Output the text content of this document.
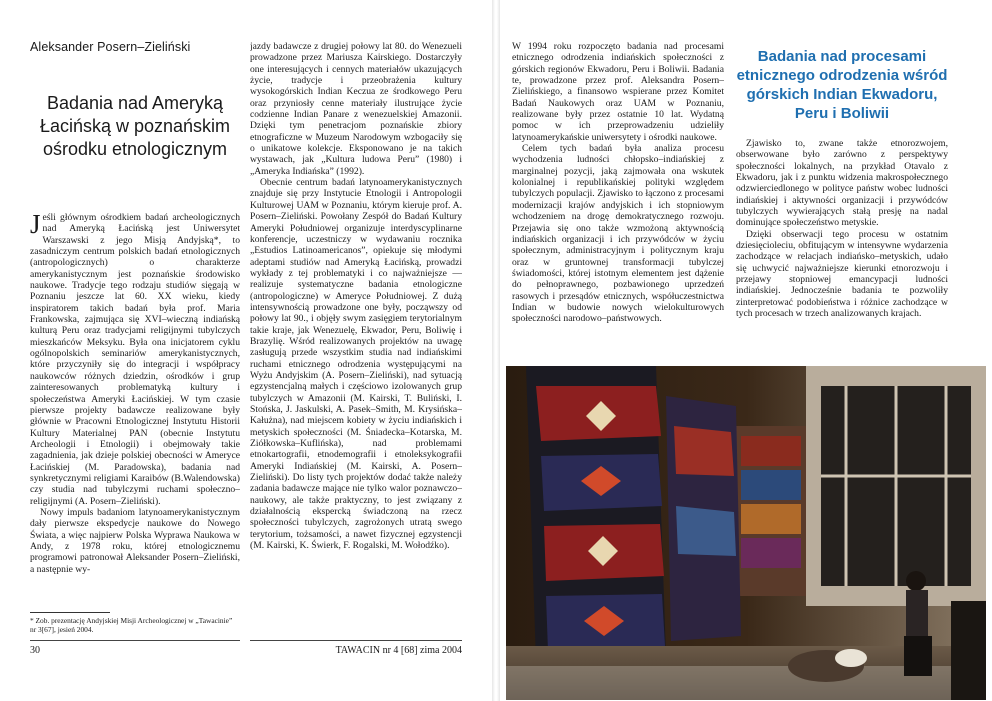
Aleksander Posern–Zieliński
Badania nad Ameryką Łacińską w poznańskim ośrodku etnologicznym

Jeśli głównym ośrodkiem badań archeologicznych nad Ameryką Łacińską jest Uniwersytet Warszawski z jego Misją Andyjską*, to zasadniczym centrum polskich badań etnologicznych (antropologicznych) o charakterze amerykanistycznym jest poznańskie środowisko naukowe. Tradycje tego rodzaju studiów sięgają w Poznaniu jeszcze lat 60. XX wieku, kiedy inspiratorem takich badań była prof. Maria Frankowska, zajmująca się XVI–wieczną indiańską kulturą Peru oraz tradycjami religijnymi tubylczych mieszkańców Meksyku. Była ona inicjatorem cyklu ogólnopolskich seminariów amerykanistycznych, które przyczyniły się do integracji i współpracy naukowców różnych dziedzin, ośrodków i grup zainteresowanych problematyką kultury i społeczeństwa Ameryki Łacińskiej. W tym czasie pierwsze projekty badawcze realizowane były głównie w Pracowni Etnologicznej Instytutu Historii Kultury Materialnej PAN (obecnie Instytutu Archeologii i Etnologii) i obejmowały takie zagadnienia, jak dzieje polskiej obecności w Ameryce Łacińskiej (M. Paradowska), badania nad synkretycznymi religiami Karaibów (B.Walendowska) czy studia nad tubylczymi ruchami społeczno–religijnymi (A. Posern–Zieliński).

Nowy impuls badaniom latynoamerykanistycznym dały pierwsze ekspedycje naukowe do Nowego Świata, a więc najpierw Polska Wyprawa Naukowa w Andy, z 1978 roku, której etnologicznemu programowi patronował Aleksander Posern–Zieliński, a następnie wy-

jazdy badawcze z drugiej połowy lat 80. do Wenezueli prowadzone przez Mariusza Kairskiego. Dostarczyły one interesujących i cennych materiałów ukazujących życie, tradycje i przeobrażenia kultury wysokogórskich Indian Keczua ze środkowego Peru oraz przyniosły cenne materiały ilustrujące życie codzienne Indian Panare z wenezuelskiej Amazonii. Dzięki tym penetracjom poznańskie zbiory etnograficzne w Muzeum Narodowym wzbogaciły się o unikatowe kolekcje. Eksponowano je na takich wystawach, jak „Kultura ludowa Peru” (1980) i „Ameryka Indiańska” (1992).

Obecnie centrum badań latynoamerykanistycznych znajduje się przy Instytucie Etnologii i Antropologii Kulturowej UAM w Poznaniu, którym kieruje prof. A. Posern–Zieliński. Powołany Zespół do Badań Kultury Ameryki Południowej organizuje interdyscyplinarne konferencje, uczestniczy w wydawaniu rocznika „Estudios Latinoamericanos”, opiekuje się młodymi adeptami studiów nad Ameryką Łacińską, prowadzi wykłady z tej problematyki i co najważniejsze — realizuje systematyczne badania etnologiczne (antropologiczne) w Ameryce Południowej. Z dużą intensywnością prowadzone one były, począwszy od połowy lat 90., i objęły swym zasięgiem terytorialnym takie kraje, jak Wenezuelę, Ekwador, Peru, Boliwię i Brazylię. Wśród realizowanych projektów na uwagę zasługują przede wszystkim studia nad indiańskimi ruchami etnicznego odrodzenia występującymi na Wyżu Andyjskim (A. Posern–Zieliński), nad sytuacją egzystencjalną małych i częściowo izolowanych grup tubylczych w Amazonii (M. Kairski, T. Buliński, I. Stońska, J. Jaskulski, A. Pasek–Smith, M. Krysińska–Kałużna), nad miejscem kobiety w życiu indiańskich i metyskich społeczności (M. Śniadecka–Kotarska, M. Ziółkowska–Kuflińska), nad problemami etnokartografii, etnodemografii i etnoleksykografii Ameryki Indiańskiej (M. Kairski, A. Posern–Zieliński). Do listy tych projektów dodać także należy zadania badawcze mające nie tylko walor poznawczo–naukowy, ale także praktyczny, to jest związany z działalnością ekspercką świadczoną na rzecz społeczności tubylczych, zagrożonych utratą swego terytorium, tożsamości, a nawet fizycznej egzystencji (M. Kairski, K. Świerk, F. Rogalski, M. Wołodźko).

* Zob. prezentację Andyjskiej Misji Archeologicznej w „Tawacinie” nr 3[67], jesień 2004.
30	TAWACIN nr 4 [68] zima 2004

W 1994 roku rozpoczęto badania nad procesami etnicznego odrodzenia indiańskich społeczności z górskich regionów Ekwadoru, Peru i Boliwii. Badania te, prowadzone przez prof. Aleksandra Posern–Zielińskiego, a finansowo wspierane przez Komitet Badań Naukowych oraz UAM w Poznaniu, realizowane były przez ostatnie 10 lat. Wydatną pomoc w ich przeprowadzeniu udzieliły latynoamerykańskie uniwersytety i ośrodki naukowe.

Celem tych badań była analiza procesu wychodzenia ludności chłopsko–indiańskiej z marginalnej pozycji, jaką zajmowała ona wskutek kolonialnej i republikańskiej polityki względem tubylczych populacji. Zjawisko to łączono z procesami modernizacji krajów andyjskich i ich stopniowym wchodzeniem na drogę demokratycznego rozwoju. Przejawia się ono także wzmożoną aktywnością indiańskich organizacji i ich przywódców w życiu społecznym, administracyjnym i politycznym kraju oraz w gruntownej transformacji tubylczej świadomości, której istotnym elementem jest dążenie do pełnoprawnego, pozbawionego uprzedzeń rasowych i przesądów etnicznych, współuczestnictwa Indian w budowie nowych wielokulturowych społeczności narodowo–państwowych.

Badania nad procesami etnicznego odrodzenia wśród górskich Indian Ekwadoru, Peru i Boliwii

Zjawisko to, zwane także etnorozwojem, obserwowane było zarówno z perspektywy społeczności lokalnych, na przykład Otavalo z Ekwadoru, jak i z punktu widzenia makrospołecznego odzwierciedlonego w polityce państw wobec ludności indiańskiej i aktywności organizacji i przywódców tubylczych wywierających stałą presję na nadal dominujące społeczeństwo metyskie.

Dzięki obserwacji tego procesu w ostatnim dziesięcioleciu, obfitującym w intensywne wydarzenia zachodzące w relacjach indiańsko–metyskich, udało się uchwycić najważniejsze kierunki etnorozwoju i przejawy stopniowej emancypacji ludności indiańskiej. Jednocześnie badania te pozwoliły zinterpretować podobieństwa i różnice zachodzące w tych procesach w trzech analizowanych krajach.
